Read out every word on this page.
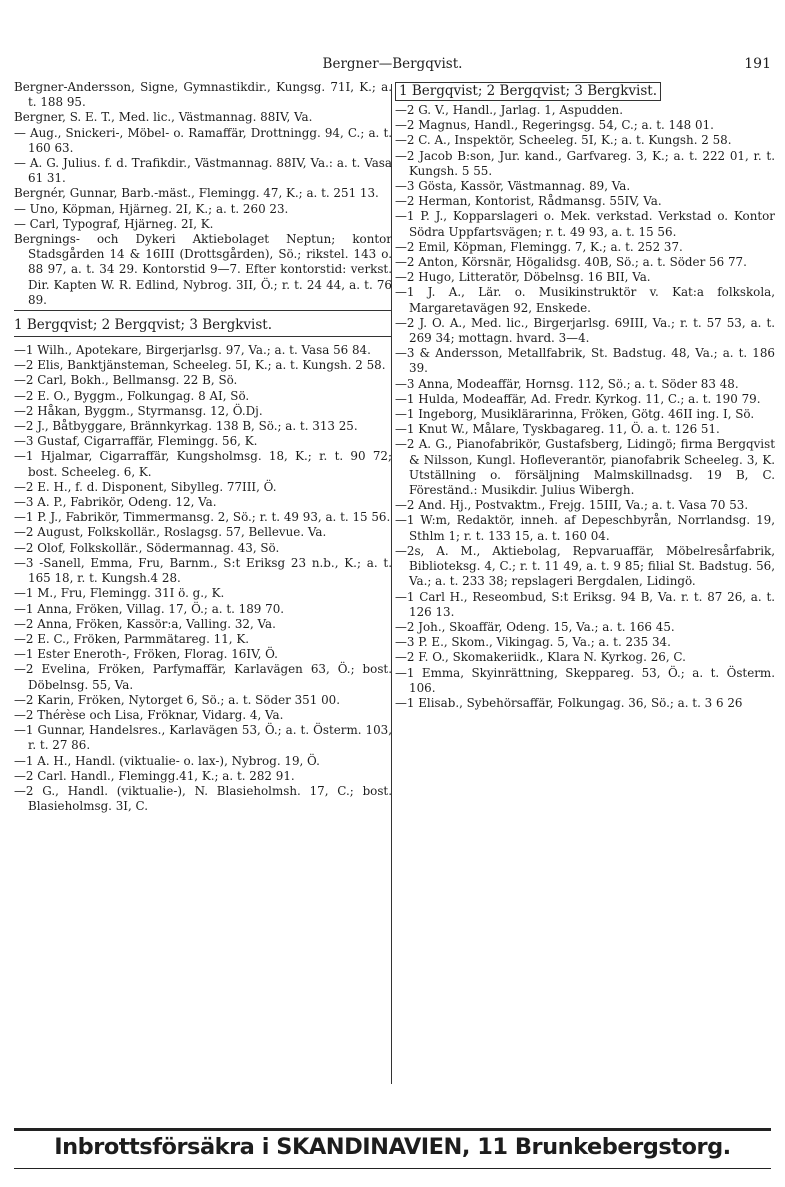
Bergner—Bergqvist.	191
Bergner-Andersson, Signe, Gymnastikdir., Kungsg. 71I, K.; a. t. 188 95.
Bergner, S. E. T., Med. lic., Västmannag. 88IV, Va.
— Aug., Snickeri-, Möbel- o. Ramaffär, Drottningg. 94, C.; a. t. 160 63.
— A. G. Julius. f. d. Trafikdir., Västmannag. 88IV, Va.: a. t. Vasa 61 31.
Bergnér, Gunnar, Barb.-mäst., Flemingg. 47, K.; a. t. 251 13.
— Uno, Köpman, Hjärneg. 2I, K.; a. t. 260 23.
— Carl, Typograf, Hjärneg. 2I, K.
Bergnings- och Dykeri Aktiebolaget Neptun; kontor Stadsgården 14 & 16III (Drottsgården), Sö.; rikstel. 143 o. 88 97, a. t. 34 29. Kontorstid 9—7. Efter kontorstid: verkst. Dir. Kapten W. R. Edlind, Nybrog. 3II, Ö.; r. t. 24 44, a. t. 76 89.
1 Bergqvist; 2 Bergqvist; 3 Bergkvist.
—1 Wilh., Apotekare, Birgerjarlsg. 97, Va.; a. t. Vasa 56 84.
—2 Elis, Banktjänsteman, Scheeleg. 5I, K.; a. t. Kungsh. 2 58.
—2 Carl, Bokh., Bellmansg. 22 B, Sö.
—2 E. O., Byggm., Folkungag. 8 AI, Sö.
—2 Håkan, Byggm., Styrmansg. 12, Ö.Dj.
—2 J., Båtbyggare, Brännkyrkag. 138 B, Sö.; a. t. 313 25.
—3 Gustaf, Cigarraffär, Flemingg. 56, K.
—1 Hjalmar, Cigarraffär, Kungsholmsg. 18, K.; r. t. 90 72; bost. Scheeleg. 6, K.
—2 E. H., f. d. Disponent, Sibylleg. 77III, Ö.
—3 A. P., Fabrikör, Odeng. 12, Va.
—1 P. J., Fabrikör, Timmermansg. 2, Sö.; r. t. 49 93, a. t. 15 56.
—2 August, Folkskollär., Roslagsg. 57, Bellevue. Va.
—2 Olof, Folkskollär., Södermannag. 43, Sö.
—3 -Sanell, Emma, Fru, Barnm., S:t Eriksg 23 n.b., K.; a. t. 165 18, r. t. Kungsh.4 28.
—1 M., Fru, Flemingg. 31I ö. g., K.
—1 Anna, Fröken, Villag. 17, Ö.; a. t. 189 70.
—2 Anna, Fröken, Kassör:a, Valling. 32, Va.
—2 E. C., Fröken, Parmmätareg. 11, K.
—1 Ester Eneroth-, Fröken, Florag. 16IV, Ö.
—2 Evelina, Fröken, Parfymaffär, Karlavägen 63, Ö.; bost. Döbelnsg. 55, Va.
—2 Karin, Fröken, Nytorget 6, Sö.; a. t. Söder 351 00.
—2 Thérèse och Lisa, Fröknar, Vidarg. 4, Va.
—1 Gunnar, Handelsres., Karlavägen 53, Ö.; a. t. Österm. 103, r. t. 27 86.
—1 A. H., Handl. (viktualie- o. lax-), Nybrog. 19, Ö.
—2 Carl. Handl., Flemingg.41, K.; a. t. 282 91.
—2 G., Handl. (viktualie-), N. Blasieholmsh. 17, C.; bost. Blasieholmsg. 3I, C.
1 Bergqvist; 2 Bergqvist; 3 Bergkvist.
—2 G. V., Handl., Jarlag. 1, Aspudden.
—2 Magnus, Handl., Regeringsg. 54, C.; a. t. 148 01.
—2 C. A., Inspektör, Scheeleg. 5I, K.; a. t. Kungsh. 2 58.
—2 Jacob B:son, Jur. kand., Garfvareg. 3, K.; a. t. 222 01, r. t. Kungsh. 5 55.
—3 Gösta, Kassör, Västmannag. 89, Va.
—2 Herman, Kontorist, Rådmansg. 55IV, Va.
—1 P. J., Kopparslageri o. Mek. verkstad. Verkstad o. Kontor Södra Uppfartsvägen; r. t. 49 93, a. t. 15 56.
—2 Emil, Köpman, Flemingg. 7, K.; a. t. 252 37.
—2 Anton, Körsnär, Högalidsg. 40B, Sö.; a. t. Söder 56 77.
—2 Hugo, Litteratör, Döbelnsg. 16 BII, Va.
—1 J. A., Lär. o. Musikinstruktör v. Kat:a folkskola, Margaretavägen 92, Enskede.
—2 J. O. A., Med. lic., Birgerjarlsg. 69III, Va.; r. t. 57 53, a. t. 269 34; mottagn. hvard. 3—4.
—3 & Andersson, Metallfabrik, St. Badstug. 48, Va.; a. t. 186 39.
—3 Anna, Modeaffär, Hornsg. 112, Sö.; a. t. Söder 83 48.
—1 Hulda, Modeaffär, Ad. Fredr. Kyrkog. 11, C.; a. t. 190 79.
—1 Ingeborg, Musiklärarinna, Fröken, Götg. 46II ing. I, Sö.
—1 Knut W., Målare, Tyskbagareg. 11, Ö. a. t. 126 51.
—2 A. G., Pianofabrikör, Gustafsberg, Lidingö; firma Bergqvist & Nilsson, Kungl. Hofleverantör, pianofabrik Scheeleg. 3, K. Utställning o. försäljning Malmskillnadsg. 19 B, C. Föreständ.: Musikdir. Julius Wibergh.
—2 And. Hj., Postvaktm., Frejg. 15III, Va.; a. t. Vasa 70 53.
—1 W:m, Redaktör, inneh. af Depeschbyrån, Norrlandsg. 19, Sthlm 1; r. t. 133 15, a. t. 160 04.
—2s, A. M., Aktiebolag, Repvaruaffär, Möbelresårfabrik, Biblioteksg. 4, C.; r. t. 11 49, a. t. 9 85; filial St. Badstug. 56, Va.; a. t. 233 38; repslageri Bergdalen, Lidingö.
—1 Carl H., Reseombud, S:t Eriksg. 94 B, Va. r. t. 87 26, a. t. 126 13.
—2 Joh., Skoaffär, Odeng. 15, Va.; a. t. 166 45.
—3 P. E., Skom., Vikingag. 5, Va.; a. t. 235 34.
—2 F. O., Skomakeriidk., Klara N. Kyrkog. 26, C.
—1 Emma, Skyinrättning, Skeppareg. 53, Ö.; a. t. Österm. 106.
—1 Elisab., Sybehörsaffär, Folkungag. 36, Sö.; a. t. 3 6 26
Inbrottsförsäkra i SKANDINAVIEN, 11 Brunkebergstorg.
